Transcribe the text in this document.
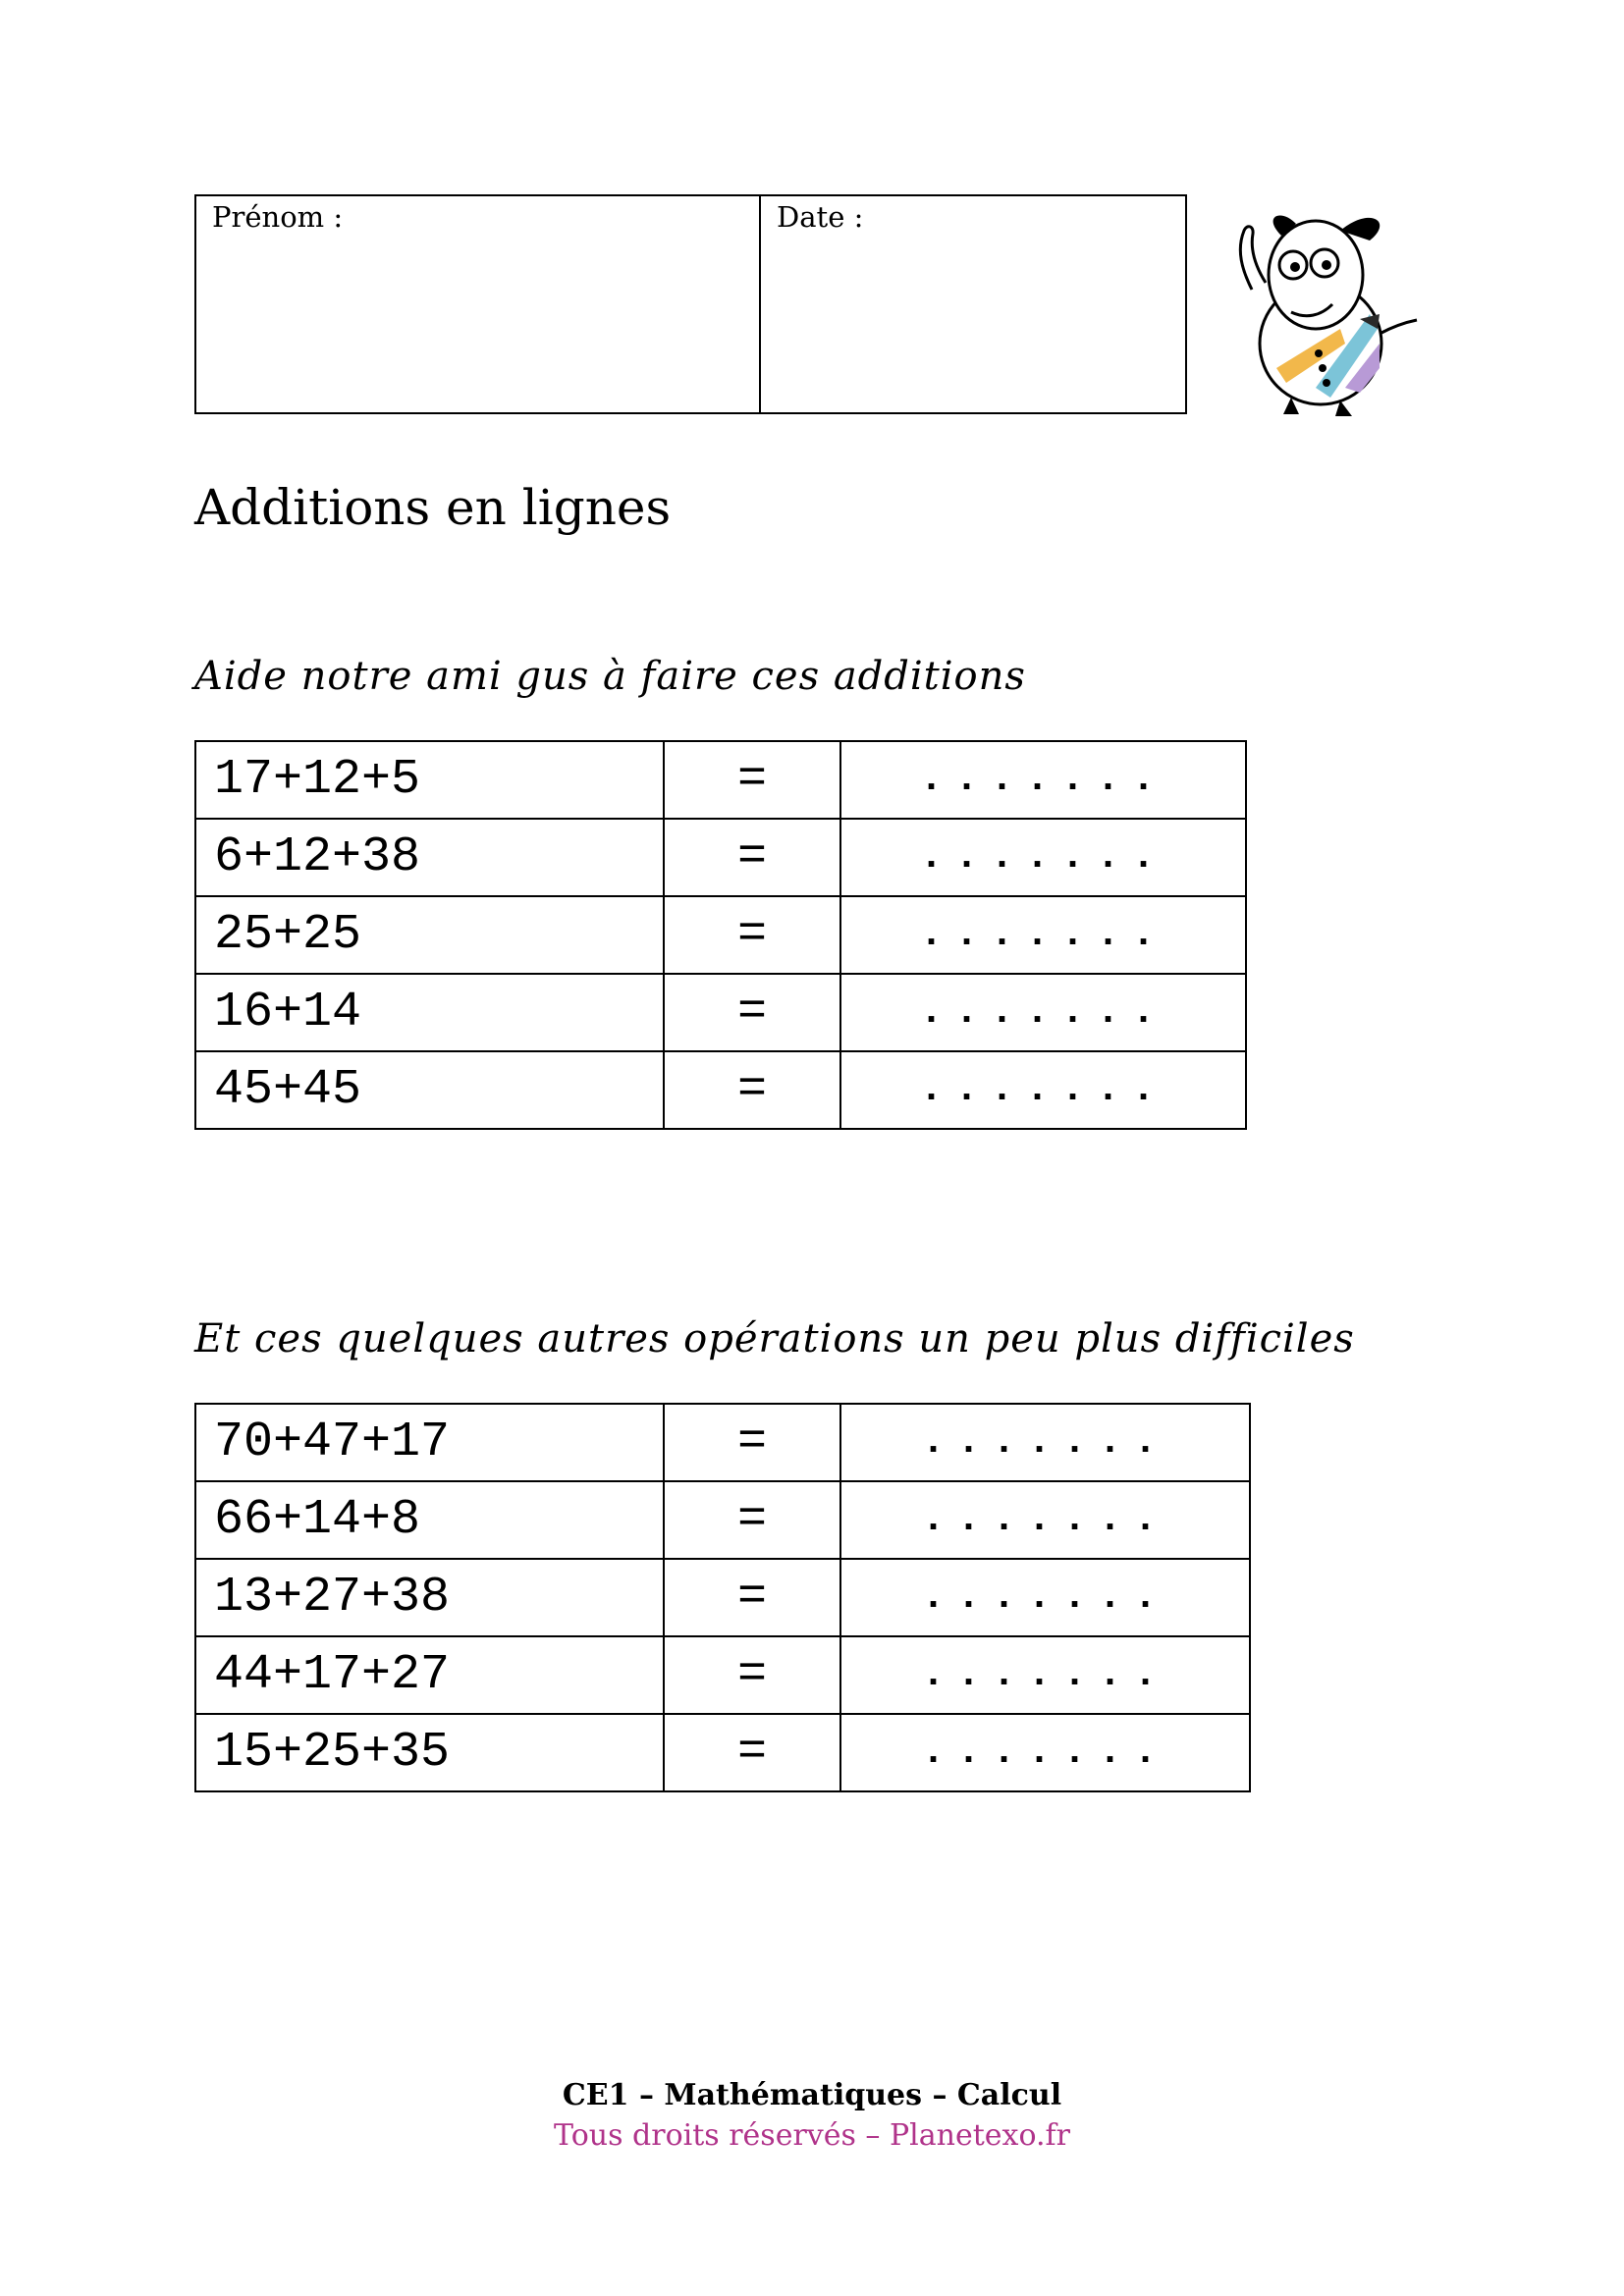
Prénom :	Date :
Additions en lignes

Aide notre ami gus à faire ces additions

17+12+5	=	.......
6+12+38	=	.......
25+25	=	.......
16+14	=	.......
45+45	=	.......

Et ces quelques autres opérations un peu plus difficiles

70+47+17	=	.......
66+14+8	=	.......
13+27+38	=	.......
44+17+27	=	.......
15+25+35	=	.......
CE1 – Mathématiques – Calcul
Tous droits réservés – Planetexo.fr
